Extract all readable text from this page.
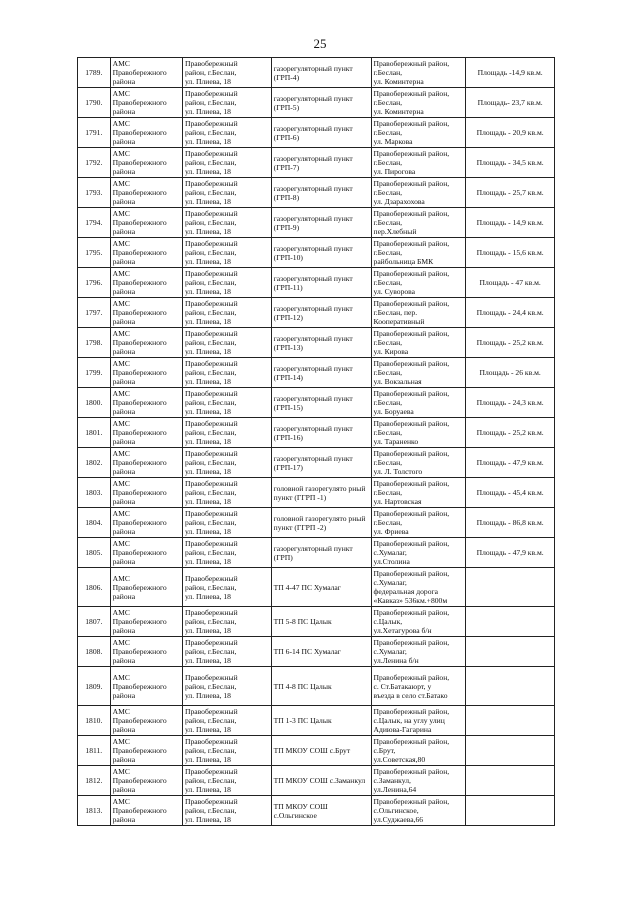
25
1789.	АМС
Правобережного
района	Правобережный
район, г.Беслан,
ул. Плиева, 18	газорегуляторный пункт (ГРП-4)	Правобережный район,
г.Беслан,
ул. Коминтерна	Площадь -14,9 кв.м.
1790.	АМС
Правобережного
района	Правобережный
район, г.Беслан,
ул. Плиева, 18	газорегуляторный пункт (ГРП-5)	Правобережный район,
г.Беслан,
ул. Коминтерна	Площадь- 23,7 кв.м.
1791.	АМС
Правобережного
района	Правобережный
район, г.Беслан,
ул. Плиева, 18	газорегуляторный пункт (ГРП-6)	Правобережный район,
г.Беслан,
ул. Маркова	Площадь - 20,9 кв.м.
1792.	АМС
Правобережного
района	Правобережный
район, г.Беслан,
ул. Плиева, 18	газорегуляторный пункт (ГРП-7)	Правобережный район,
г.Беслан,
ул. Пирогова	Площадь - 34,5 кв.м.
1793.	АМС
Правобережного
района	Правобережный
район, г.Беслан,
ул. Плиева, 18	газорегуляторный пункт (ГРП-8)	Правобережный район,
г.Беслан,
ул. Дзарахохова	Площадь - 25,7 кв.м.
1794.	АМС
Правобережного
района	Правобережный
район, г.Беслан,
ул. Плиева, 18	газорегуляторный пункт (ГРП-9)	Правобережный район,
г.Беслан,
пер.Хлебный	Площадь - 14,9 кв.м.
1795.	АМС
Правобережного
района	Правобережный
район, г.Беслан,
ул. Плиева, 18	газорегуляторный пункт (ГРП-10)	Правобережный район,
г.Беслан,
райбольница БМК	Площадь - 15,6 кв.м.
1796.	АМС
Правобережного
района	Правобережный
район, г.Беслан,
ул. Плиева, 18	газорегуляторный пункт (ГРП-11)	Правобережный район,
г.Беслан,
ул. Суворова	Площадь - 47 кв.м.
1797.	АМС
Правобережного
района	Правобережный
район, г.Беслан,
ул. Плиева, 18	газорегуляторный пункт (ГРП-12)	Правобережный район,
г.Беслан, пер.
Кооперативный	Площадь - 24,4 кв.м.
1798.	АМС
Правобережного
района	Правобережный
район, г.Беслан,
ул. Плиева, 18	газорегуляторный пункт (ГРП-13)	Правобережный район,
г.Беслан,
ул. Кирова	Площадь - 25,2 кв.м.
1799.	АМС
Правобережного
района	Правобережный
район, г.Беслан,
ул. Плиева, 18	газорегуляторный пункт (ГРП-14)	Правобережный район,
г.Беслан,
ул. Вокзальная	Площадь - 26 кв.м.
1800.	АМС
Правобережного
района	Правобережный
район, г.Беслан,
ул. Плиева, 18	газорегуляторный пункт (ГРП-15)	Правобережный район,
г.Беслан,
ул. Боруаева	Площадь - 24,3 кв.м.
1801.	АМС
Правобережного
района	Правобережный
район, г.Беслан,
ул. Плиева, 18	газорегуляторный пункт (ГРП-16)	Правобережный район,
г.Беслан,
ул. Тараненко	Площадь - 25,2 кв.м.
1802.	АМС
Правобережного
района	Правобережный
район, г.Беслан,
ул. Плиева, 18	газорегуляторный пункт (ГРП-17)	Правобережный район,
г.Беслан,
ул. Л. Толстого	Площадь - 47,9 кв.м.
1803.	АМС
Правобережного
района	Правобережный
район, г.Беслан,
ул. Плиева, 18	головной газорегулято рный пункт (ГГРП -1)	Правобережный район,
г.Беслан,
ул. Нартовская	Площадь - 45,4 кв.м.
1804.	АМС
Правобережного
района	Правобережный
район, г.Беслан,
ул. Плиева, 18	головной газорегулято рный пункт (ГГРП -2)	Правобережный район,
г.Беслан,
ул. Фриева	Площадь - 86,8 кв.м.
1805.	АМС
Правобережного
района	Правобережный
район, г.Беслан,
ул. Плиева, 18	газорегуляторный пункт (ГРП)	Правобережный район,
с.Хумалаг,
ул.Столина	Площадь - 47,9 кв.м.
1806.	АМС
Правобережного
района	Правобережный
район, г.Беслан,
ул. Плиева, 18	ТП 4-47 ПС Хумалаг	Правобережный район,
с.Хумалаг,
федеральная дорога
«Кавказ» 536км.+800м	

1807.	АМС
Правобережного
района	Правобережный
район, г.Беслан,
ул. Плиева, 18	ТП 5-8 ПС Цалык	Правобережный район,
с.Цалык,
ул.Хетагурова б/н	

1808.	АМС
Правобережного
района	Правобережный
район, г.Беслан,
ул. Плиева, 18	ТП 6-14 ПС Хумалаг	Правобережный район,
с.Хумалаг,
ул.Ленина б/н	

1809.	АМС
Правобережного
района	Правобережный
район, г.Беслан,
ул. Плиева, 18	ТП 4-8 ПС Цалык	Правобережный район,
с. Ст.Батакаюрт, у
въезда в село ст.Батако	

1810.	АМС
Правобережного
района	Правобережный
район, г.Беслан,
ул. Плиева, 18	ТП 1-3 ПС Цалык	Правобережный район,
с.Цалык, на углу улиц
Адиюва-Гагарина	

1811.	АМС
Правобережного
района	Правобережный
район, г.Беслан,
ул. Плиева, 18	ТП МКОУ СОШ с.Брут	Правобережный район,
с.Брут,
ул.Советская,80	

1812.	АМС
Правобережного
района	Правобережный
район, г.Беслан,
ул. Плиева, 18	ТП МКОУ СОШ с.Заманкул	Правобережный район,
с.Заманкул,
ул.Ленина,64	

1813.	АМС
Правобережного
района	Правобережный
район, г.Беслан,
ул. Плиева, 18	ТП МКОУ СОШ с.Ольгинское	Правобережный район,
с.Ольгинское,
ул.Суджаева,66	
